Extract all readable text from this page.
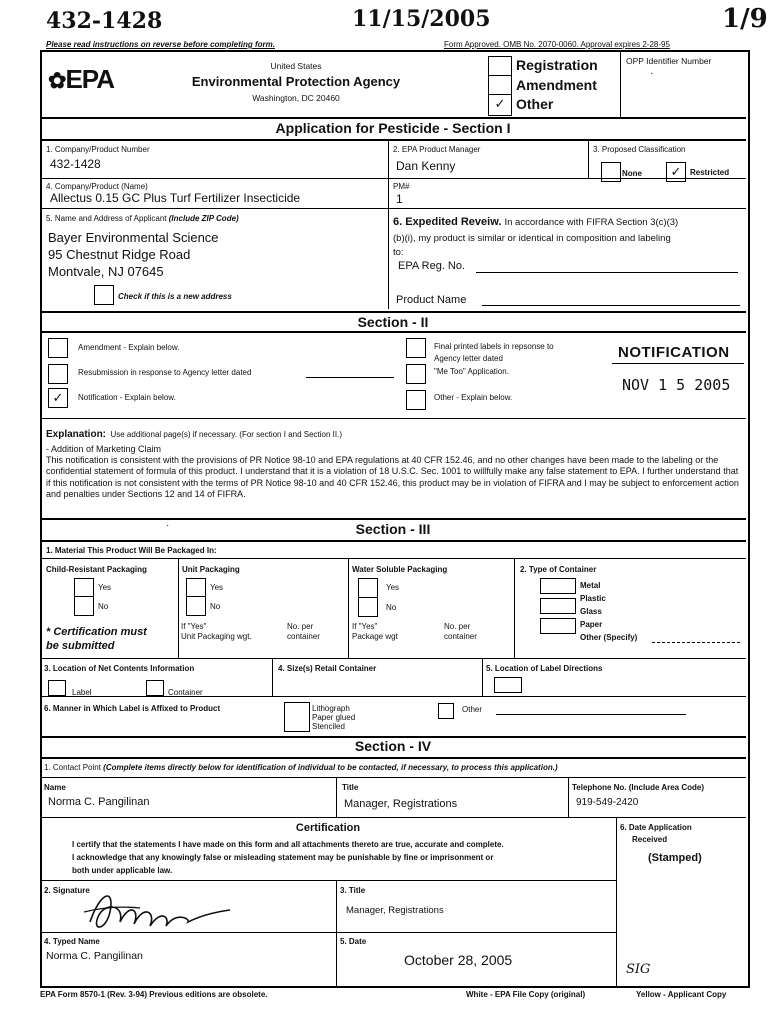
432-1428	11/15/2005	1/9
Please read instructions on reverse before completing form.	Form Approved. OMB No. 2070-0060. Approval expires 2-28-95
✿EPA	United States
Environmental Protection Agency
Washington, DC 20460
Registration
Amendment
✓ Other
OPP Identifier Number
·
Application for Pesticide - Section I
1. Company/Product Number
432-1428
2. EPA Product Manager
Dan Kenny
3. Proposed Classification
None	✓	Restricted
4. Company/Product (Name)
Allectus 0.15 GC Plus Turf Fertilizer Insecticide
PM#
1
5. Name and Address of Applicant (Include ZIP Code)
Bayer Environmental Science
95 Chestnut Ridge Road
Montvale, NJ 07645
Check if this is a new address
6. Expedited Reveiw. In accordance with FIFRA Section 3(c)(3)
(b)(i), my product is similar or identical in composition and labeling
to:
EPA Reg. No.
Product Name
Section - II
Amendment - Explain below.
Resubmission in response to Agency letter dated
✓	Notification - Explain below.
Final printed labels in repsonse to
Agency letter dated
"Me Too" Application.
Other - Explain below.
NOTIFICATION
NOV 1 5 2005
Explanation: Use additional page(s) if necessary. (For section I and Section II.)
- Addition of Marketing Claim
This notification is consistent with the provisions of PR Notice 98-10 and EPA regulations at 40 CFR 152.46, and no other changes have been made to the labeling or the confidential statement of formula of this product. I understand that it is a violation of 18 U.S.C. Sec. 1001 to willfully make any false statement to EPA. I further understand that if this notification is not consistent with the terms of PR Notice 98-10 and 40 CFR 152.46, this product may be in violation of FIFRA and I may be subject to enforcement action and penalties under Sections 12 and 14 of FIFRA.
·	Section - III
1. Material This Product Will Be Packaged In:
Child-Resistant Packaging
Yes
No
* Certification must
be submitted
Unit Packaging
Yes
No
If "Yes"
Unit Packaging wgt.
No. per
container
Water Soluble Packaging
Yes
No
If "Yes"
Package wgt
No. per
container
2. Type of Container
Metal
Plastic
Glass
Paper
Other (Specify)
3. Location of Net Contents Information
Label	Container
4. Size(s) Retail Container	5. Location of Label Directions
6. Manner in Which Label is Affixed to Product	Lithograph
Paper glued
Stenciled
Other
Section - IV
1. Contact Point (Complete items directly below for identification of individual to be contacted, if necessary, to process this application.)
Name
Norma C. Pangilinan
Title
Manager, Registrations
Telephone No. (Include Area Code)
919-549-2420
Certification
I certify that the statements I have made on this form and all attachments thereto are true, accurate and complete.
I acknowledge that any knowingly false or misleading statement may be punishable by fine or imprisonment or
both under applicable law.
6. Date Application
Received
(Stamped)
2. Signature	3. Title
Manager, Registrations
4. Typed Name
Norma C. Pangilinan
5. Date
October 28, 2005
SIG
EPA Form 8570-1 (Rev. 3-94) Previous editions are obsolete.	White - EPA File Copy (original)	Yellow - Applicant Copy
